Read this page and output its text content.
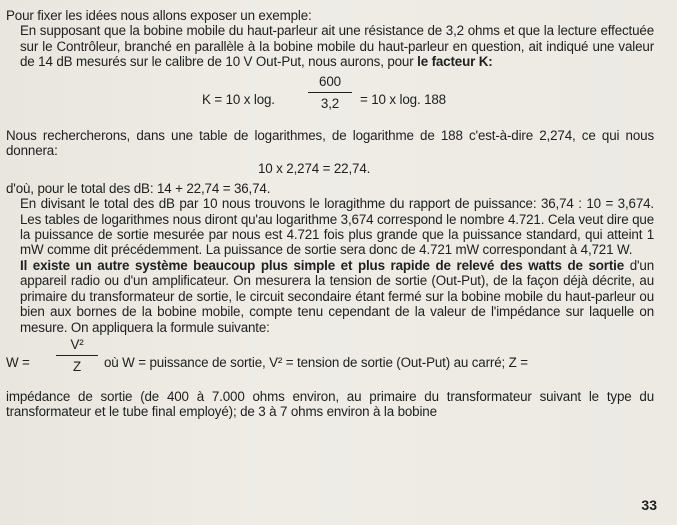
Pour fixer les idées nous allons exposer un exemple:

En supposant que la bobine mobile du haut-parleur ait une résistance de 3,2 ohms et que la lecture effectuée sur le Contrôleur, branché en parallèle à la bobine mobile du haut-parleur en question, ait indiqué une valeur de 14 dB mesurés sur le calibre de 10 V Out-Put, nous aurons, pour le facteur K:

K = 10 x log.
600
3,2	= 10 x log. 188

Nous rechercherons, dans une table de logarithmes, de logarithme de 188 c'est-à-dire 2,274, ce qui nous donnera:

10 x 2,274 = 22,74.

d'où, pour le total des dB: 14 + 22,74 = 36,74.

En divisant le total des dB par 10 nous trouvons le loragithme du rapport de puissance: 36,74 : 10 = 3,674. Les tables de logarithmes nous diront qu'au logarithme 3,674 correspond le nombre 4.721. Cela veut dire que la puissance de sortie mesurée par nous est 4.721 fois plus grande que la puissance standard, qui atteint 1 mW comme dit précédemment. La puissance de sortie sera donc de 4.721 mW correspondant à 4,721 W.

Il existe un autre système beaucoup plus simple et plus rapide de relevé des watts de sortie d'un appareil radio ou d'un amplificateur. On mesurera la tension de sortie (Out-Put), de la façon déjà décrite, au primaire du transformateur de sortie, le circuit secondaire étant fermé sur la bobine mobile du haut-parleur ou bien aux bornes de la bobine mobile, compte tenu cependant de la valeur de l'impédance sur laquelle on mesure. On appliquera la formule suivante:

W =
V²
Z	où W = puissance de sortie, V² = tension de sortie (Out-Put) au carré; Z =

impédance de sortie (de 400 à 7.000 ohms environ, au primaire du transformateur suivant le type du transformateur et le tube final employé); de 3 à 7 ohms environ à la bobine

33
